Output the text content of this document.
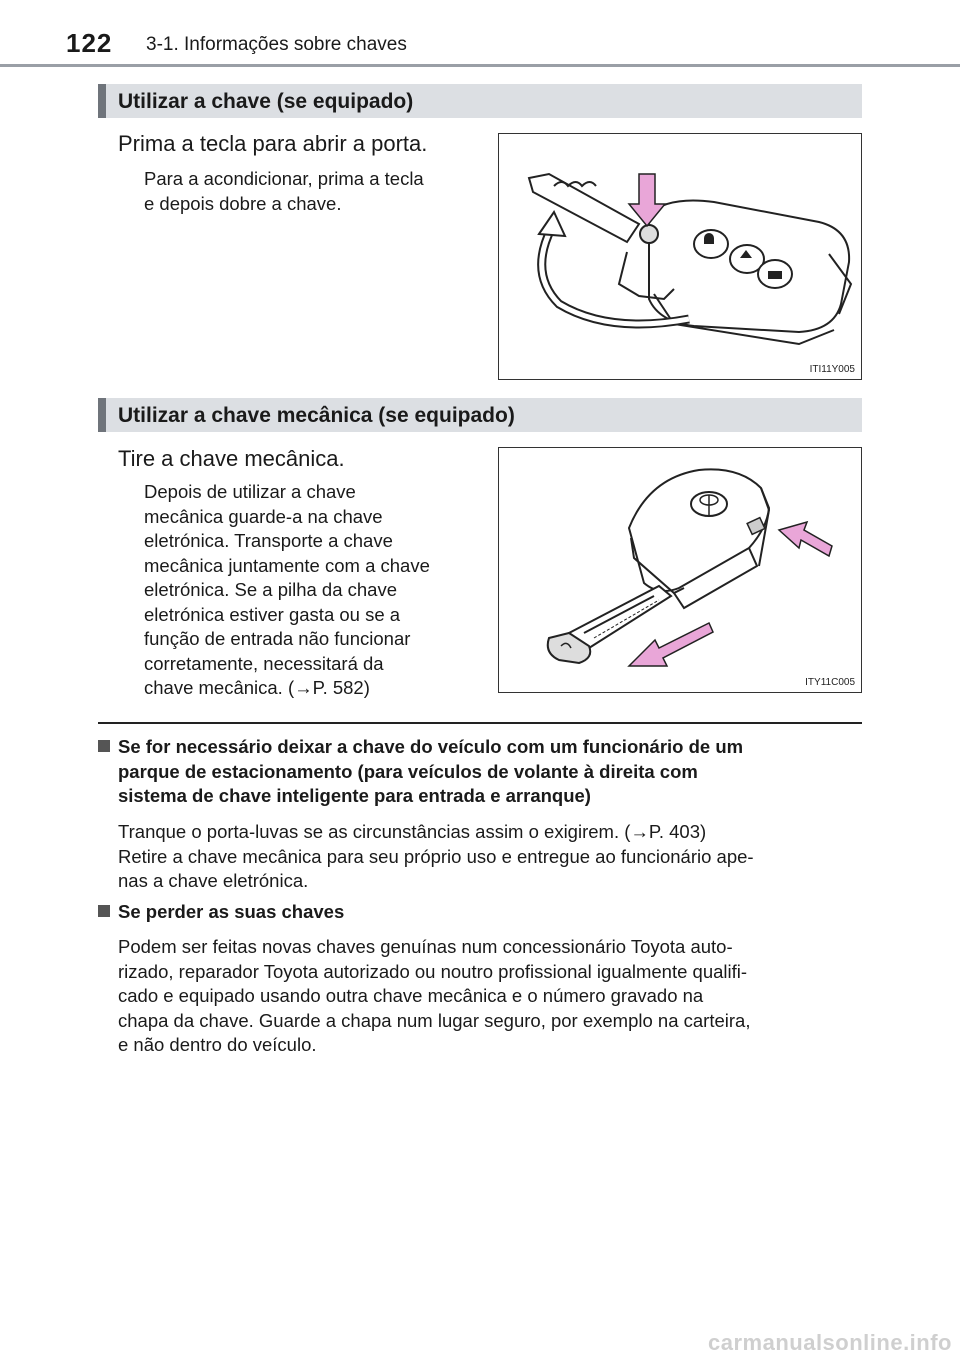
122 3-1. Informações sobre chaves
Utilizar a chave (se equipado)
Prima a tecla para abrir a porta.
Para a acondicionar, prima a tecla
e depois dobre a chave.
ITI11Y005
Utilizar a chave mecânica (se equipado)
Tire a chave mecânica.
Depois de utilizar a chave
mecânica guarde-a na chave
eletrónica. Transporte a chave
mecânica juntamente com a chave
eletrónica. Se a pilha da chave
eletrónica estiver gasta ou se a
função de entrada não funcionar
corretamente, necessitará da
chave mecânica. (→P. 582)	ITY11C005
Se for necessário deixar a chave do veículo com um funcionário de um
parque de estacionamento (para veículos de volante à direita com
sistema de chave inteligente para entrada e arranque)

Tranque o porta-luvas se as circunstâncias assim o exigirem. (→P. 403)

Retire a chave mecânica para seu próprio uso e entregue ao funcionário ape-

nas a chave eletrónica.

Se perder as suas chaves

Podem ser feitas novas chaves genuínas num concessionário Toyota auto-

rizado, reparador Toyota autorizado ou noutro profissional igualmente qualifi-

cado e equipado usando outra chave mecânica e o número gravado na

chapa da chave. Guarde a chapa num lugar seguro, por exemplo na carteira,

e não dentro do veículo.

carmanualsonline.info
